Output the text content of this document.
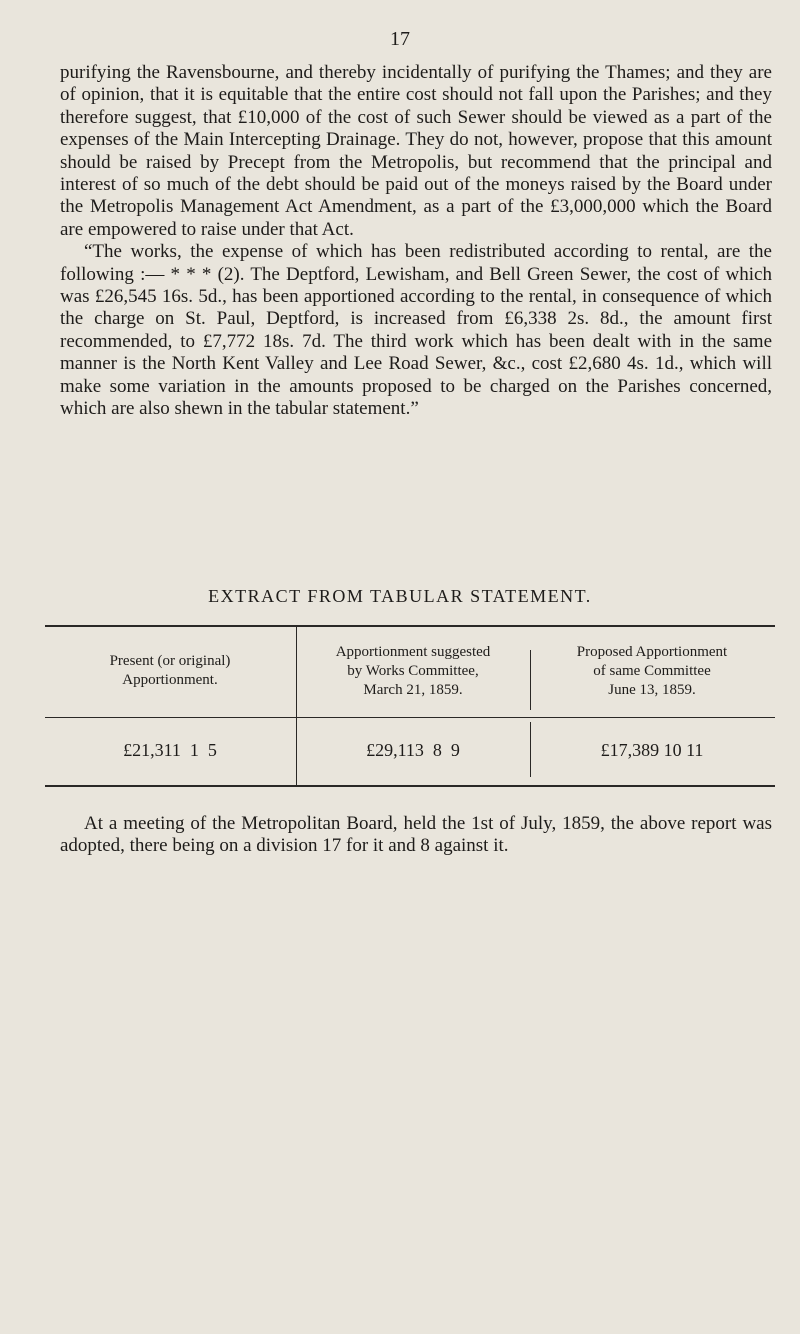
17

purifying the Ravensbourne, and thereby incidentally of purifying the Thames; and they are of opinion, that it is equitable that the entire cost should not fall upon the Parishes; and they therefore suggest, that £10,000 of the cost of such Sewer should be viewed as a part of the expenses of the Main Intercepting Drainage. They do not, however, propose that this amount should be raised by Precept from the Metropolis, but recommend that the principal and interest of so much of the debt should be paid out of the moneys raised by the Board under the Metropolis Management Act Amendment, as a part of the £3,000,000 which the Board are empowered to raise under that Act.

“The works, the expense of which has been redistributed according to rental, are the following :— * * * (2). The Deptford, Lewisham, and Bell Green Sewer, the cost of which was £26,545 16s. 5d., has been apportioned according to the rental, in consequence of which the charge on St. Paul, Deptford, is increased from £6,338 2s. 8d., the amount first recommended, to £7,772 18s. 7d. The third work which has been dealt with in the same manner is the North Kent Valley and Lee Road Sewer, &c., cost £2,680 4s. 1d., which will make some variation in the amounts proposed to be charged on the Parishes concerned, which are also shewn in the tabular statement.”

EXTRACT FROM TABULAR STATEMENT.
Present (or original)
Apportionment.
Apportionment suggested
by Works Committee,
March 21, 1859.
Proposed Apportionment
of same Committee
June 13, 1859.
£21,311  1  5	£29,113  8  9	£17,389 10 11

At a meeting of the Metropolitan Board, held the 1st of July, 1859, the above report was adopted, there being on a division 17 for it and 8 against it.
